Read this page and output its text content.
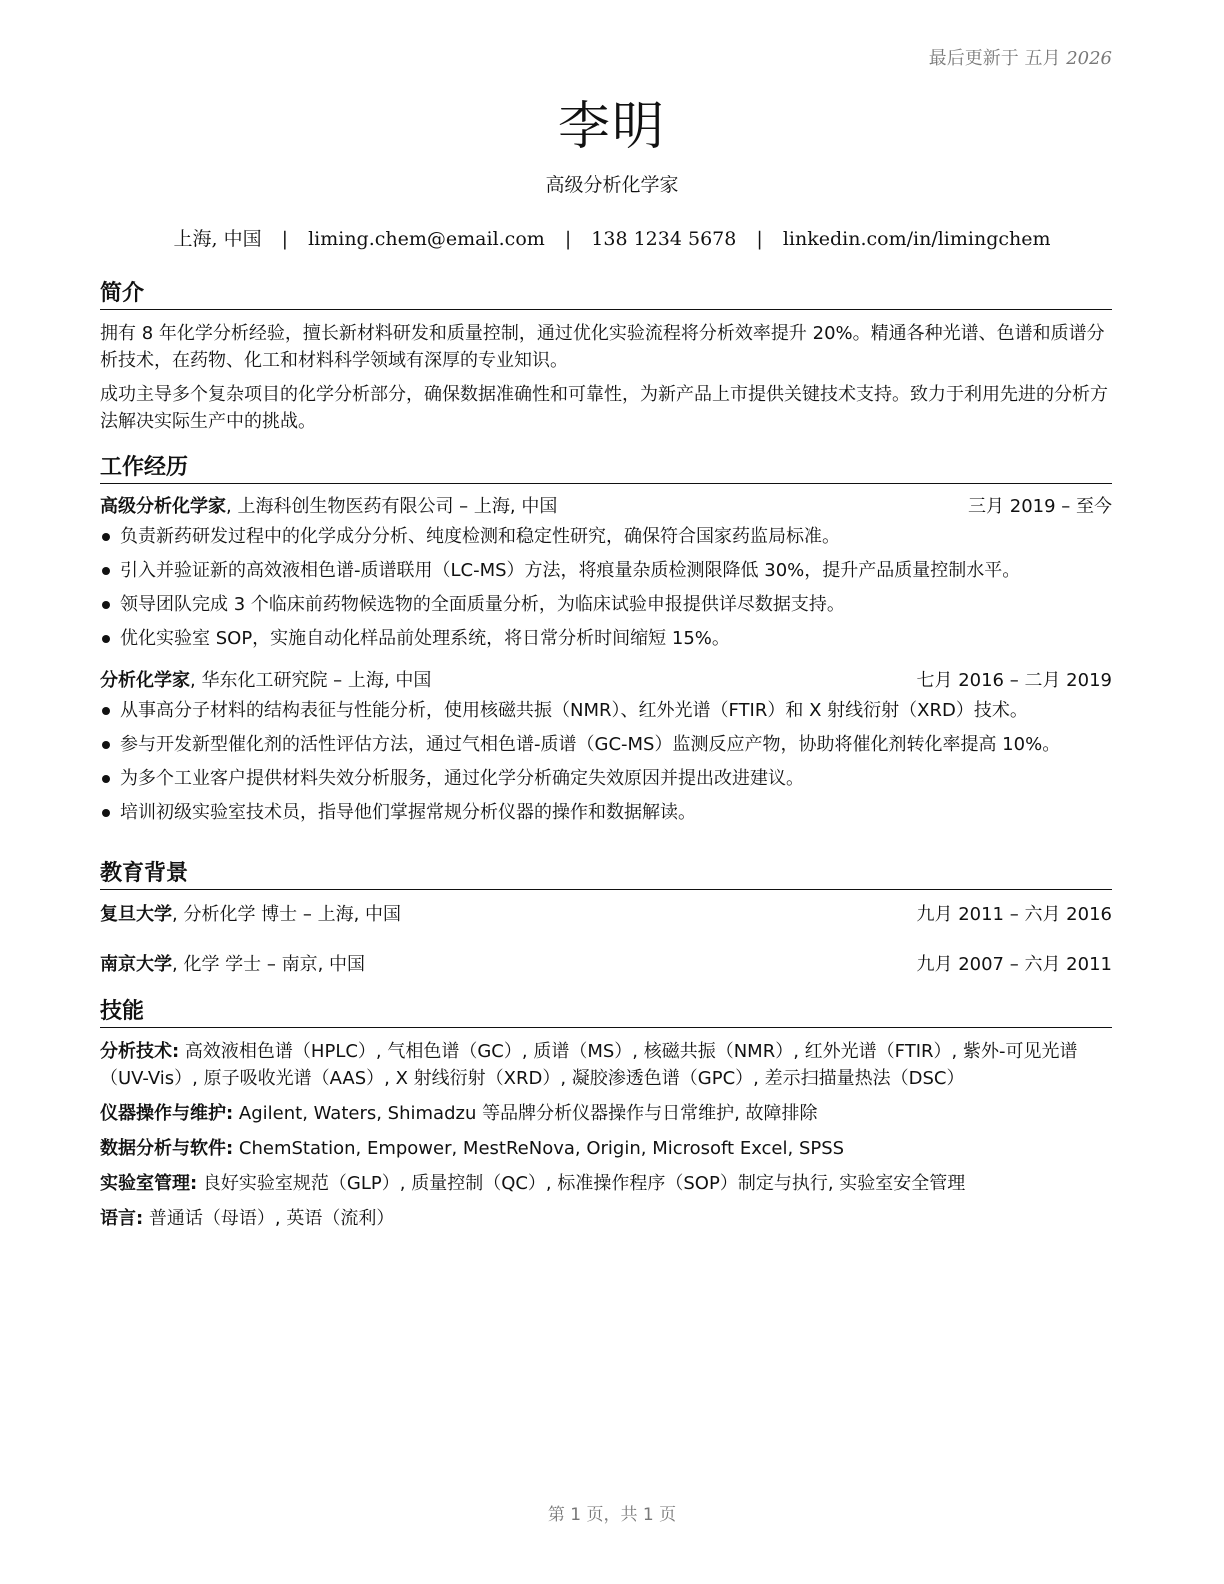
最后更新于 五月 2026
李明
高级分析化学家
上海, 中国 | liming.chem@email.com | 138 1234 5678 | linkedin.com/in/limingchem
简介

拥有 8 年化学分析经验，擅长新材料研发和质量控制，通过优化实验流程将分析效率提升 20%。精通各种光谱、色谱和质谱分析技术，在药物、化工和材料科学领域有深厚的专业知识。

成功主导多个复杂项目的化学分析部分，确保数据准确性和可靠性，为新产品上市提供关键技术支持。致力于利用先进的分析方法解决实际生产中的挑战。

工作经历
高级分析化学家, 上海科创生物医药有限公司 – 上海, 中国	三月 2019 – 至今
负责新药研发过程中的化学成分分析、纯度检测和稳定性研究，确保符合国家药监局标准。
引入并验证新的高效液相色谱-质谱联用（LC-MS）方法，将痕量杂质检测限降低 30%，提升产品质量控制水平。
领导团队完成 3 个临床前药物候选物的全面质量分析，为临床试验申报提供详尽数据支持。
优化实验室 SOP，实施自动化样品前处理系统，将日常分析时间缩短 15%。
分析化学家, 华东化工研究院 – 上海, 中国	七月 2016 – 二月 2019
从事高分子材料的结构表征与性能分析，使用核磁共振（NMR）、红外光谱（FTIR）和 X 射线衍射（XRD）技术。
参与开发新型催化剂的活性评估方法，通过气相色谱-质谱（GC-MS）监测反应产物，协助将催化剂转化率提高 10%。
为多个工业客户提供材料失效分析服务，通过化学分析确定失效原因并提出改进建议。
培训初级实验室技术员，指导他们掌握常规分析仪器的操作和数据解读。
教育背景
复旦大学, 分析化学 博士 – 上海, 中国	九月 2011 – 六月 2016
南京大学, 化学 学士 – 南京, 中国	九月 2007 – 六月 2011
技能
分析技术: 高效液相色谱（HPLC）, 气相色谱（GC）, 质谱（MS）, 核磁共振（NMR）, 红外光谱（FTIR）, 紫外-可见光谱（UV-Vis）, 原子吸收光谱（AAS）, X 射线衍射（XRD）, 凝胶渗透色谱（GPC）, 差示扫描量热法（DSC）
仪器操作与维护: Agilent, Waters, Shimadzu 等品牌分析仪器操作与日常维护, 故障排除
数据分析与软件: ChemStation, Empower, MestReNova, Origin, Microsoft Excel, SPSS
实验室管理: 良好实验室规范（GLP）, 质量控制（QC）, 标准操作程序（SOP）制定与执行, 实验室安全管理
语言: 普通话（母语）, 英语（流利）
第 1 页，共 1 页
